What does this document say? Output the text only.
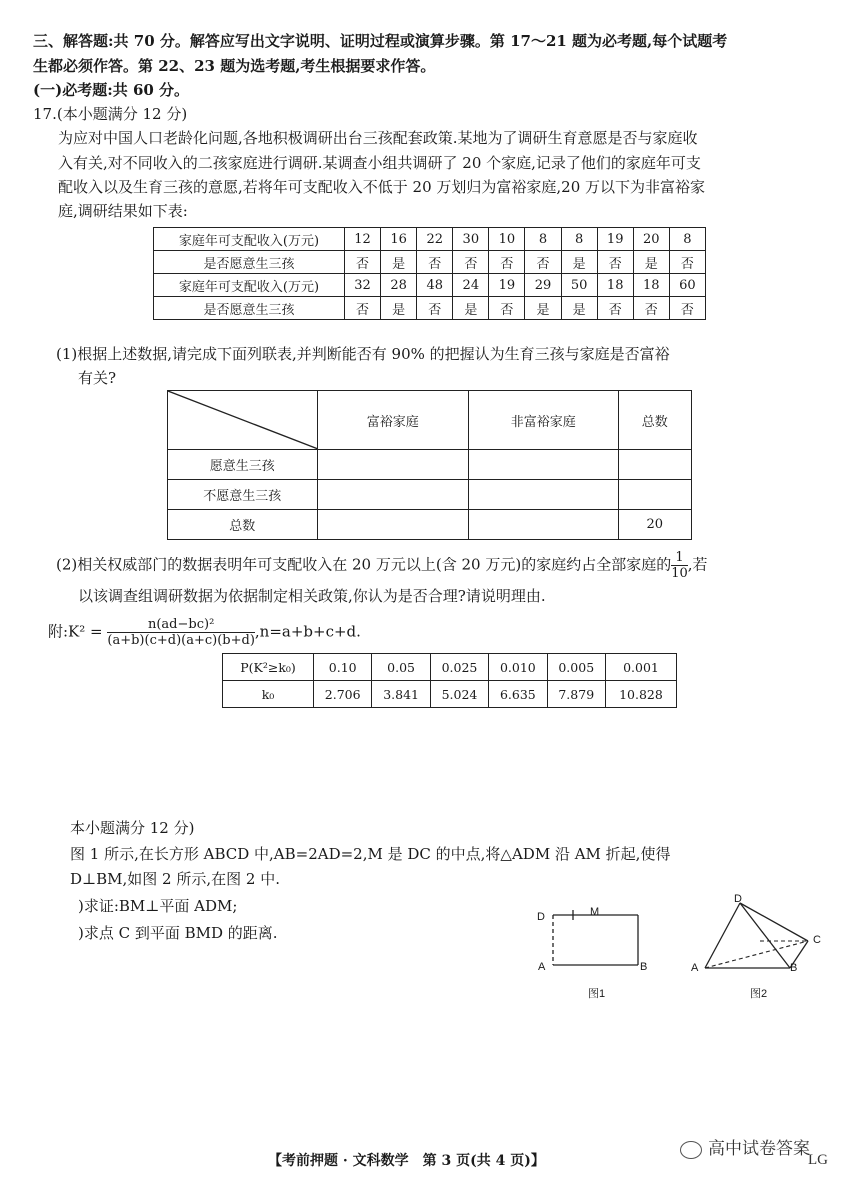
三、解答题:共 70 分。解答应写出文字说明、证明过程或演算步骤。第 17～21 题为必考题,每个试题考
生都必须作答。第 22、23 题为选考题,考生根据要求作答。
(一)必考题:共 60 分。
17.(本小题满分 12 分)
为应对中国人口老龄化问题,各地积极调研出台三孩配套政策.某地为了调研生育意愿是否与家庭收
入有关,对不同收入的二孩家庭进行调研.某调查小组共调研了 20 个家庭,记录了他们的家庭年可支
配收入以及生育三孩的意愿,若将年可支配收入不低于 20 万划归为富裕家庭,20 万以下为非富裕家
庭,调研结果如下表:
家庭年可支配收入(万元)	12	16	22	30	10	8	8	19	20	8
是否愿意生三孩	否	是	否	否	否	否	是	否	是	否
家庭年可支配收入(万元)	32	28	48	24	19	29	50	18	18	60
是否愿意生三孩	否	是	否	是	否	是	是	否	否	否
(1)根据上述数据,请完成下面列联表,并判断能否有 90% 的把握认为生育三孩与家庭是否富裕
有关?
	富裕家庭	非富裕家庭	总数
愿意生三孩			
不愿意生三孩			
总数			20
(2)相关权威部门的数据表明年可支配收入在 20 万元以上(含 20 万元)的家庭约占全部家庭的 $\frac{1}{10}$ ,若
以该调查组调研数据为依据制定相关政策,你认为是否合理?请说明理由.
附:K² = $\frac{\text{n(ad−bc)²}}{(a+b)(c+d)(a+c)(b+d)} ,n=a+b+c+d$.
P(K²≥k₀)	0.10	0.05	0.025	0.010	0.005	0.001
k₀	2.706	3.841	5.024	6.635	7.879	10.828
本小题满分 12 分)
图 1 所示,在长方形 ABCD 中,AB=2AD=2,M 是 DC 的中点,将△ADM 沿 AM 折起,使得
D⊥BM,如图 2 所示,在图 2 中.
)求证:BM⊥平面 ADM;
)求点 C 到平面 BMD 的距离.
D	M
A	B
图1
D
A	B
C
图2
【考前押题 · 文科数学　第 3 页(共 4 页)】
高中试卷答案
LG
